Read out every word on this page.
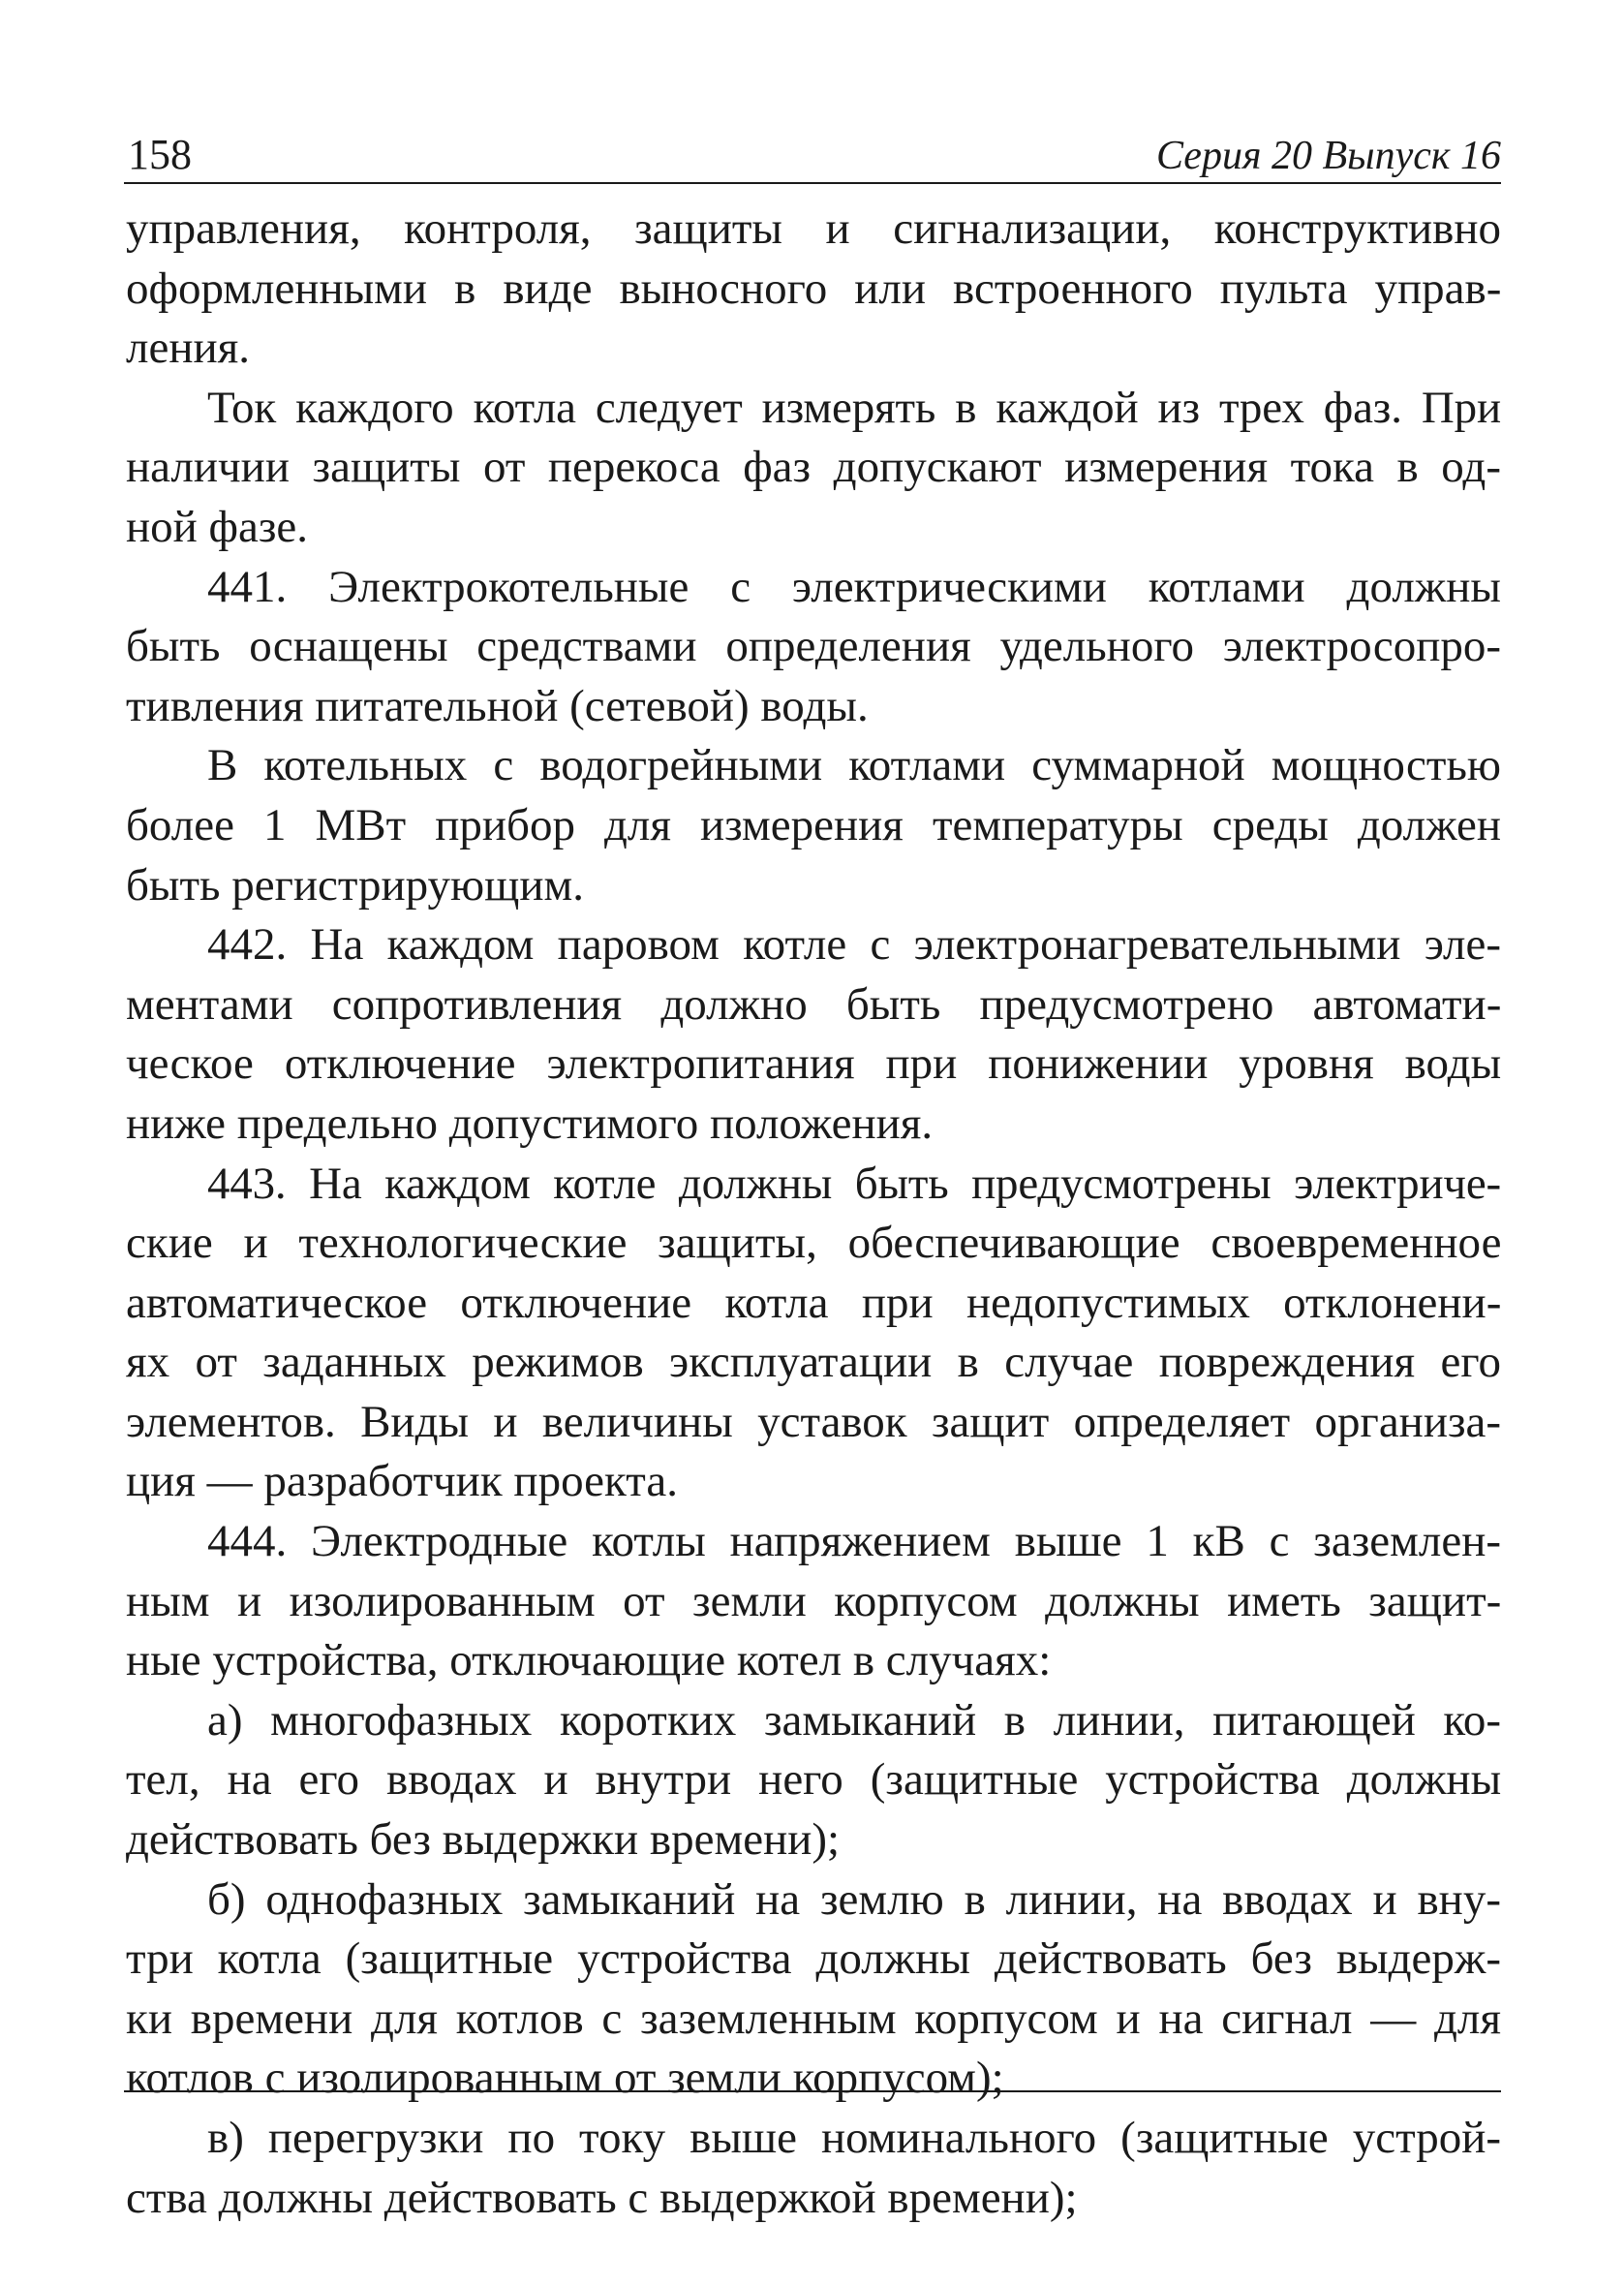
158	Серия 20 Выпуск 16

управления, контроля, защиты и сигнализации, конструктивно
оформленными в виде выносного или встроенного пульта управ-
ления.

Ток каждого котла следует измерять в каждой из трех фаз. При
наличии защиты от перекоса фаз допускают измерения тока в од-
ной фазе.

441. Электрокотельные с электрическими котлами должны
быть оснащены средствами определения удельного электросопро-
тивления питательной (сетевой) воды.

В котельных с водогрейными котлами суммарной мощностью
более 1 МВт прибор для измерения температуры среды должен
быть регистрирующим.

442. На каждом паровом котле с электронагревательными эле-
ментами сопротивления должно быть предусмотрено автомати-
ческое отключение электропитания при понижении уровня воды
ниже предельно допустимого положения.

443. На каждом котле должны быть предусмотрены электриче-
ские и технологические защиты, обеспечивающие своевременное
автоматическое отключение котла при недопустимых отклонени-
ях от заданных режимов эксплуатации в случае повреждения его
элементов. Виды и величины уставок защит определяет организа-
ция — разработчик проекта.

444. Электродные котлы напряжением выше 1 кВ с заземлен-
ным и изолированным от земли корпусом должны иметь защит-
ные устройства, отключающие котел в случаях:

а) многофазных коротких замыканий в линии, питающей ко-
тел, на его вводах и внутри него (защитные устройства должны
действовать без выдержки времени);

б) однофазных замыканий на землю в линии, на вводах и вну-
три котла (защитные устройства должны действовать без выдерж-
ки времени для котлов с заземленным корпусом и на сигнал — для
котлов с изолированным от земли корпусом);

в) перегрузки по току выше номинального (защитные устрой-
ства должны действовать с выдержкой времени);
